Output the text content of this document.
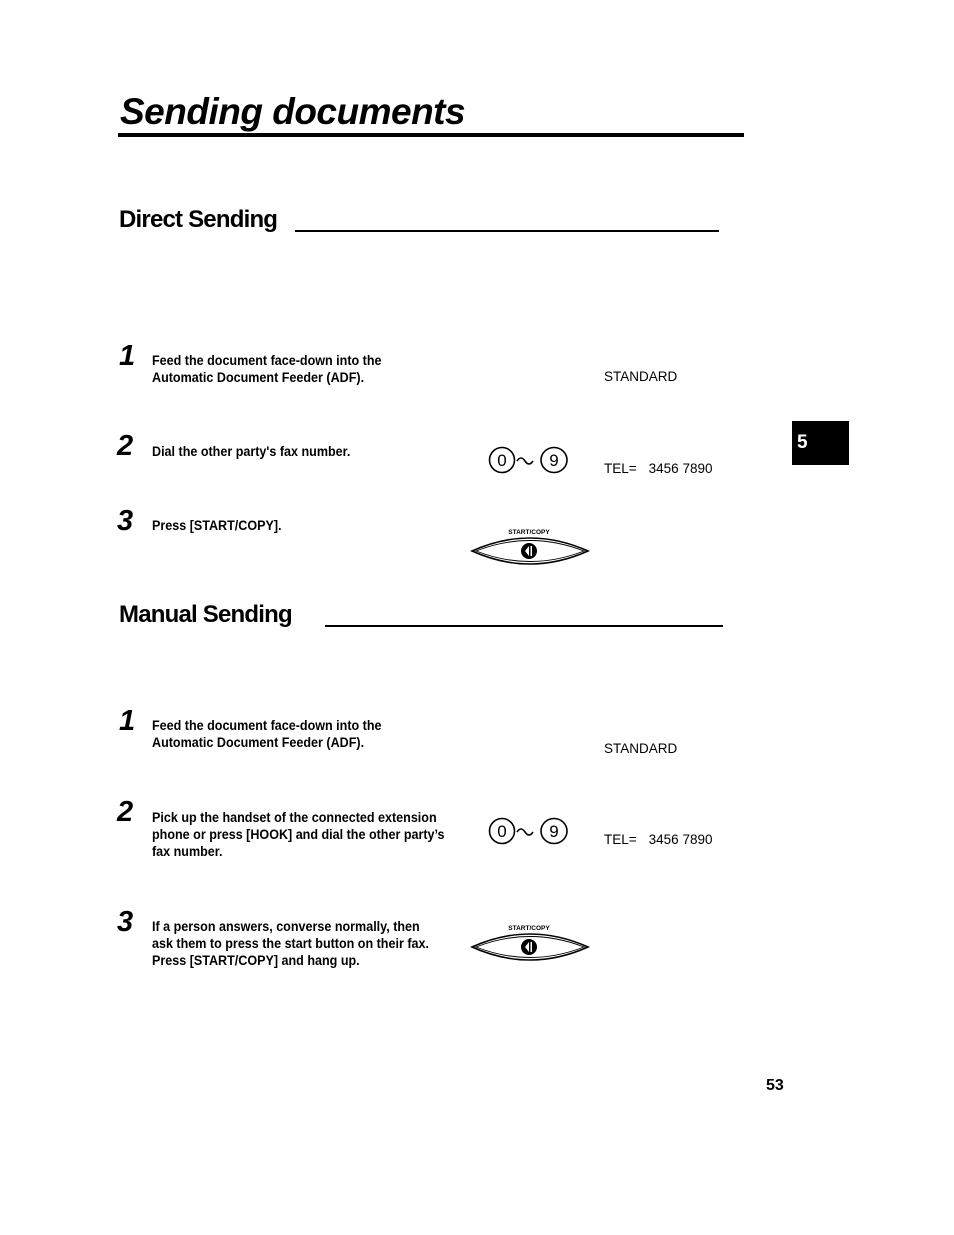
Sending documents
Direct Sending
1 Feed the document face-down into the
Automatic Document Feeder (ADF).	STANDARD
2 Dial the other party's fax number.	0	9	TEL= 3456 7890
3 Press [START/COPY].	START/COPY
Manual Sending
1 Feed the document face-down into the
Automatic Document Feeder (ADF).	STANDARD
2 Pick up the handset of the connected extension
phone or press [HOOK] and dial the other party’s
fax number.
0	9	TEL= 3456 7890
3 If a person answers, converse normally, then
ask them to press the start button on their fax.
Press [START/COPY] and hang up.
START/COPY
5
53
